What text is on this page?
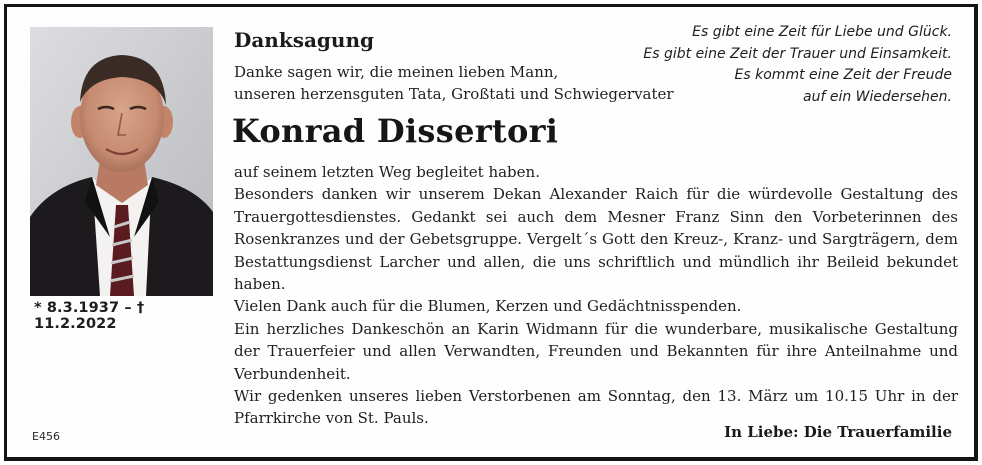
* 8.3.1937 – † 11.2.2022
Danksagung
Danke sagen wir, die meinen lieben Mann,
unseren herzensguten Tata, Großtati und Schwiegervater
Konrad Dissertori
Es gibt eine Zeit für Liebe und Glück.
Es gibt eine Zeit der Trauer und Einsamkeit.
Es kommt eine Zeit der Freude
auf ein Wiedersehen.

auf seinem letzten Weg begleitet haben.

Besonders danken wir unserem Dekan Alexander Raich für die würdevolle Gestaltung des Trauergottesdienstes. Gedankt sei auch dem Mesner Franz Sinn den Vorbeterinnen des Rosenkranzes und der Gebetsgruppe. Vergelt´s Gott den Kreuz-, Kranz- und Sargträgern, dem Bestattungsdienst Larcher und allen, die uns schriftlich und mündlich ihr Beileid bekundet haben.

Vielen Dank auch für die Blumen, Kerzen und Gedächtnisspenden.

Ein herzliches Dankeschön an Karin Widmann für die wunderbare, musikalische Gestaltung der Trauerfeier und allen Verwandten, Freunden und Bekannten für ihre Anteilnahme und Verbundenheit.

Wir gedenken unseres lieben Verstorbenen am Sonntag, den 13. März um 10.15 Uhr in der Pfarrkirche von St. Pauls.

E456	In Liebe: Die Trauerfamilie
